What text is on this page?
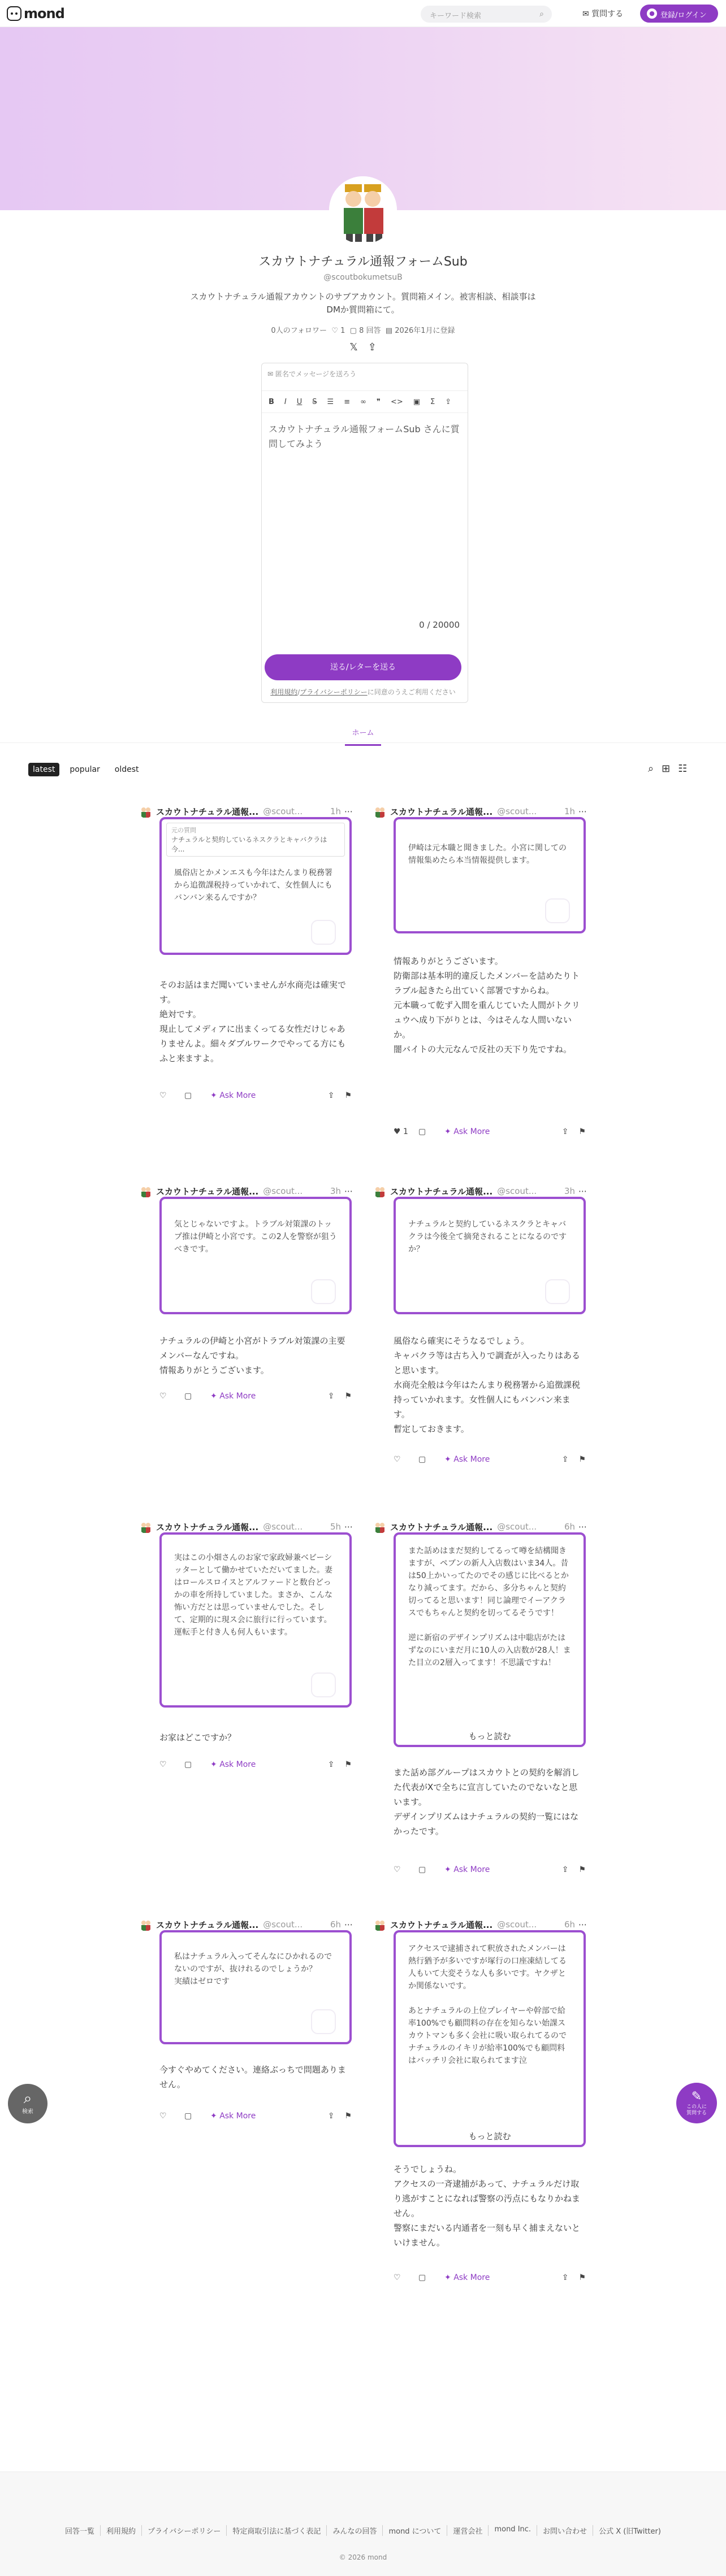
mond	キーワード検索	⌕	✉ 質問する	● 登録/ログイン
スカウトナチュラル通報フォームSub
@scoutbokumetsuB
スカウトナチュラル通報アカウントのサブアカウント。質問箱メイン。被害相談、相談事はDMか質問箱にて。
0人のフォロワー ♡ 1 ▢ 8 回答 ▤ 2026年1月に登録
𝕏 ⇪
✉ 匿名でメッセージを送ろう
B I U S ☰ ≡ ∞ ❞ <> ▣ Σ ⇪
スカウトナチュラル通報フォームSub さんに質問してみよう
0 / 20000
送る/レターを送る
利用規約/プライバシーポリシーに同意のうえご利用ください
ホーム
latest	popular	oldest	⌕ ⊞ ☷
スカウトナチュラル通報... @scout...	1h ⋯
元の質問
ナチュラルと契約しているネスクラとキャバクラは今...
風俗店とかメンエスも今年はたんまり税務署から追徴課税持っていかれて、女性個人にもバンバン来るんですか？
そのお話はまだ聞いていませんが水商売は確実です。
絶対です。
現止してメディアに出まくってる女性だけじゃありませんよ。細々ダブルワークでやってる方にもふと来ますよ。
♡	▢	✦ Ask More	⇪ ⚑
スカウトナチュラル通報... @scout...	1h ⋯
伊崎は元本職と聞きました。小宮に関しての情報集めたら本当情報提供します。
情報ありがとうございます。
防衛部は基本明的違反したメンバーを詰めたりトラブル起きたら出ていく部署ですからね。
元本職って乾ず入間を重んじていた人間がトクリュウへ成り下がりとは、今はそんな人間いないか。
闇バイトの大元なんで反社の天下り先ですね。
♥ 1	▢	✦ Ask More	⇪ ⚑
スカウトナチュラル通報... @scout...	3h ⋯
気とじゃないですよ。トラブル対策課のトップ推は伊崎と小宮です。この2人を警察が狙うべきです。
ナチュラルの伊崎と小宮がトラブル対策課の主要メンバーなんですね。
情報ありがとうございます。
♡	▢	✦ Ask More	⇪ ⚑
スカウトナチュラル通報... @scout...	3h ⋯
ナチュラルと契約しているネスクラとキャバクラは今後全て摘発されることになるのですか？
風俗なら確実にそうなるでしょう。
キャバクラ等は古ち入りで調査が入ったりはあると思います。
水商売全般は今年はたんまり税務署から追徴課税持っていかれます。女性個人にもバンバン来ます。
暫定しておきます。
♡	▢	✦ Ask More	⇪ ⚑
スカウトナチュラル通報... @scout...	5h ⋯
実はこの小畑さんのお家で家政婦兼ベビーシッターとして働かせていただいてました。妻はロールスロイスとアルファードと数台どっかの車を所持していました。まさか、こんな怖い方だとは思っていませんでした。そして、定期的に現ス会に旅行に行っています。運転手と付き人も何人もいます。
お家はどこですか？
♡	▢	✦ Ask More	⇪ ⚑
スカウトナチュラル通報... @scout...	6h ⋯
また話めはまだ契約してるって噂を結構聞きますが、ペブンの新人入店数はいま34人。昔は50上かいってたのでその感じに比べるとかなり減ってます。だから、多分ちゃんと契約切ってると思います！同じ論理でイーアクラスでもちゃんと契約を切ってるそうです！

逆に新宿のデザインプリズムは中聡店がたはずなのにいまだ月に10人の入店数が28人！また目立の2層入ってます！不思議ですね！
もっと読む
また話め部グループはスカウトとの契約を解消した代表がXで全ちに宣言していたのでないなと思います。
デザインプリズムはナチュラルの契約一覧にはなかったです。
♡	▢	✦ Ask More	⇪ ⚑
スカウトナチュラル通報... @scout...	6h ⋯
私はナチュラル入ってそんなにひかれるのでないのですが、抜けれるのでしょうか？
実績はゼロです
今すぐやめてください。連絡ぶっちで問題ありません。
♡	▢	✦ Ask More	⇪ ⚑
スカウトナチュラル通報... @scout...	6h ⋯
アクセスで逮捕されて釈放されたメンバーは熱行猶予が多いですが塚行の口座凍結してる人もいて大変そうな人も多いです。ヤクザとか関係ないです。

あとナチュラルの上位プレイヤーや幹部で給率100%でも顧問料の存在を知らない始課スカウトマンも多く会社に吸い取られてるのでナチュラルのイキリが給率100%でも顧問料はバッチリ会社に取られてます泣
もっと読む
そうでしょうね。
アクセスの一斉逮捕があって、ナチュラルだけ取り逃がすことになれば警察の汚点にもなりかねません。
警察にまだいる内通者を一刻も早く捕まえないといけません。
♡	▢	✦ Ask More	⇪ ⚑
⌕
検索
✎
この人に
質問する
回答一覧	利用規約	プライバシーポリシー	特定商取引法に基づく表記	みんなの回答	mond について	運営会社	mond Inc.	お問い合わせ	公式 X (旧Twitter)
© 2026 mond
